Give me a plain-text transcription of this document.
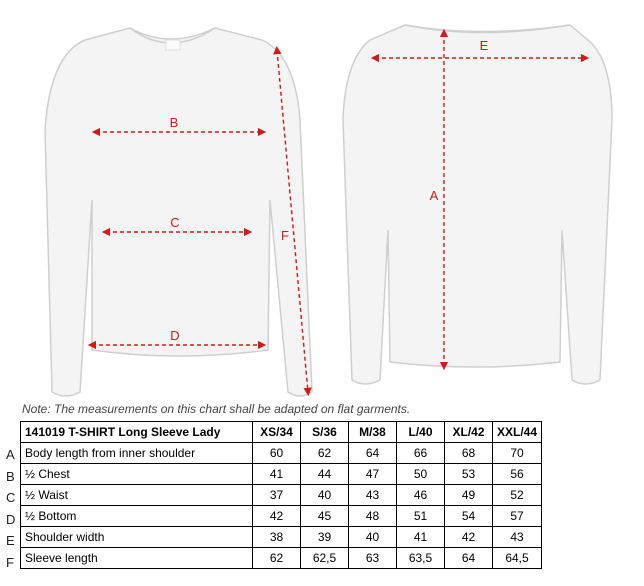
B
C
D
F
E
A
Note: The measurements on this chart shall be adapted on flat garments.
A
B
C
D
E
F
141019 T-SHIRT Long Sleeve Lady	XS/34	S/36	M/38	L/40	XL/42	XXL/44
Body length from inner shoulder	60	62	64	66	68	70
½ Chest	41	44	47	50	53	56
½ Waist	37	40	43	46	49	52
½ Bottom	42	45	48	51	54	57
Shoulder width	38	39	40	41	42	43
Sleeve length	62	62,5	63	63,5	64	64,5
